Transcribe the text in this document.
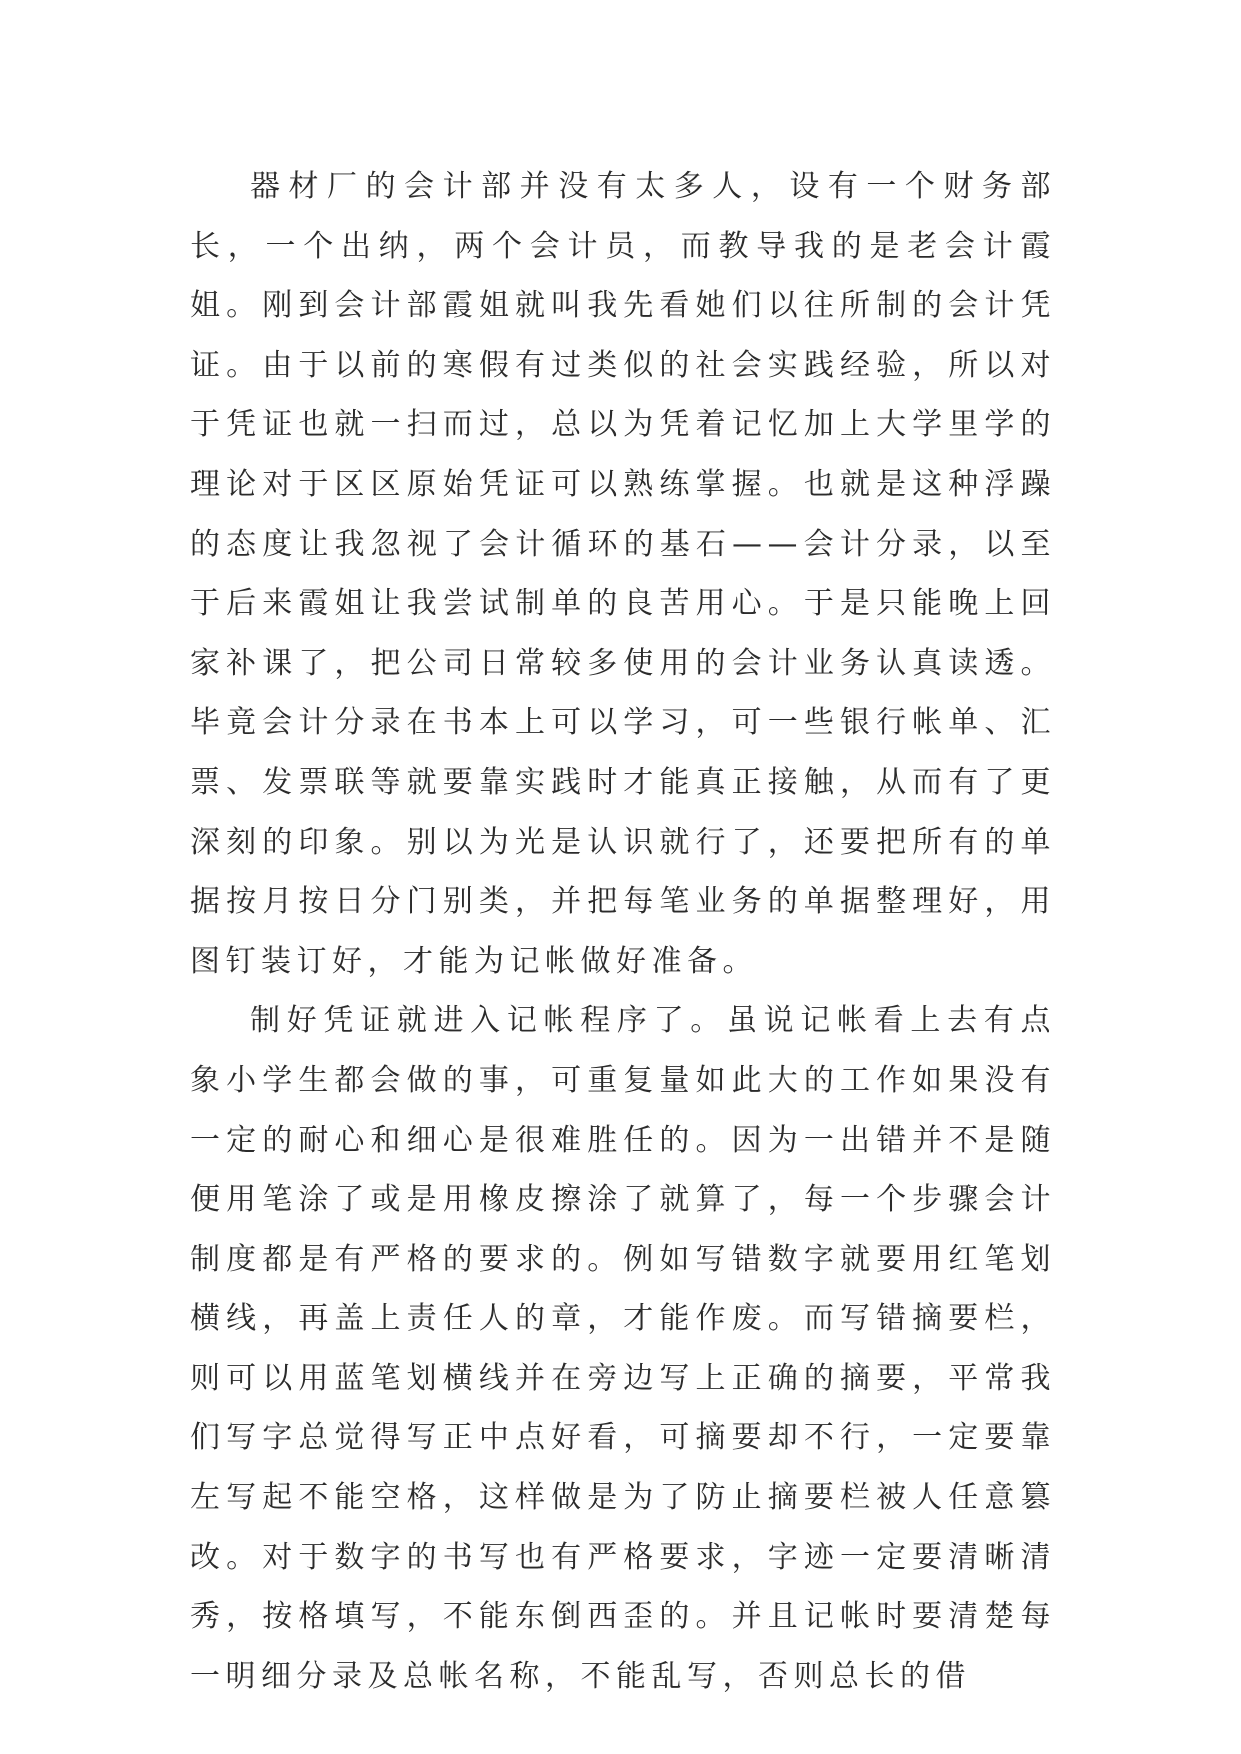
器材厂的会计部并没有太多人，设有一个财务部长，一个出纳，两个会计员，而教导我的是老会计霞姐。刚到会计部霞姐就叫我先看她们以往所制的会计凭证。由于以前的寒假有过类似的社会实践经验，所以对于凭证也就一扫而过，总以为凭着记忆加上大学里学的理论对于区区原始凭证可以熟练掌握。也就是这种浮躁的态度让我忽视了会计循环的基石——会计分录，以至于后来霞姐让我尝试制单的良苦用心。于是只能晚上回家补课了，把公司日常较多使用的会计业务认真读透。毕竟会计分录在书本上可以学习，可一些银行帐单、汇票、发票联等就要靠实践时才能真正接触，从而有了更深刻的印象。别以为光是认识就行了，还要把所有的单据按月按日分门别类，并把每笔业务的单据整理好，用图钉装订好，才能为记帐做好准备。

制好凭证就进入记帐程序了。虽说记帐看上去有点象小学生都会做的事，可重复量如此大的工作如果没有一定的耐心和细心是很难胜任的。因为一出错并不是随便用笔涂了或是用橡皮擦涂了就算了，每一个步骤会计制度都是有严格的要求的。例如写错数字就要用红笔划横线，再盖上责任人的章，才能作废。而写错摘要栏，则可以用蓝笔划横线并在旁边写上正确的摘要，平常我们写字总觉得写正中点好看，可摘要却不行，一定要靠左写起不能空格，这样做是为了防止摘要栏被人任意篡改。对于数字的书写也有严格要求，字迹一定要清晰清秀，按格填写，不能东倒西歪的。并且记帐时要清楚每一明细分录及总帐名称，不能乱写，否则总长的借
